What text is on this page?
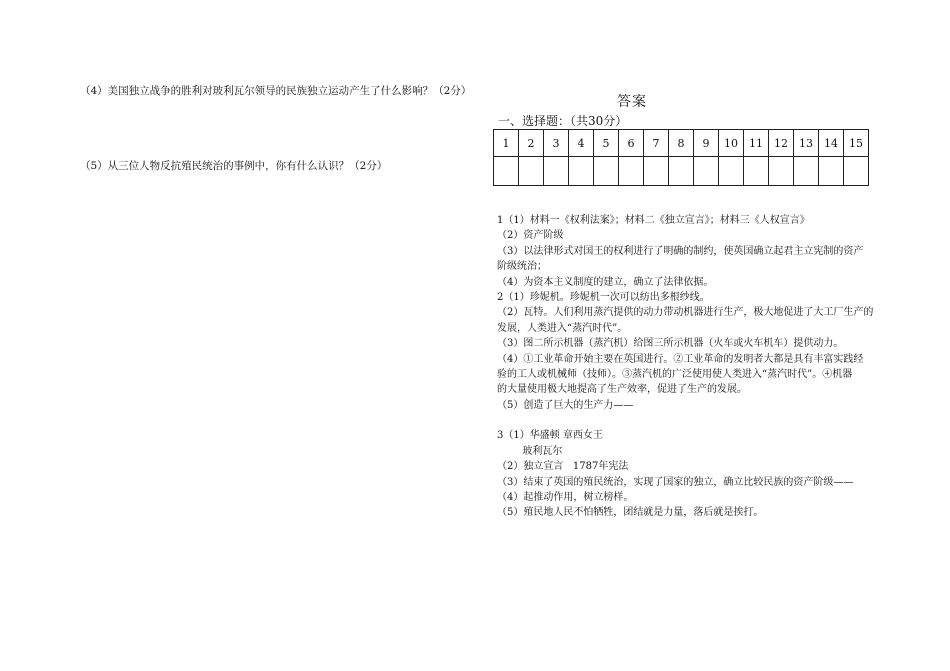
（4）美国独立战争的胜利对玻利瓦尔领导的民族独立运动产生了什么影响？（2分）
（5）从三位人物反抗殖民统治的事例中，你有什么认识？（2分）
答案
一、选择题：（共30分）
1	2	3	4	5	6	7	8	9	10	11	12	13	14	15

1（1）材料一《权利法案》；材料二《独立宣言》；材料三《人权宣言》
（2）资产阶级
（3）以法律形式对国王的权利进行了明确的制约，使英国确立起君主立宪制的资产
阶级统治；
（4）为资本主义制度的建立，确立了法律依据。
2（1）珍妮机。珍妮机一次可以纺出多根纱线。
（2）瓦特。人们利用蒸汽提供的动力带动机器进行生产，极大地促进了大工厂生产的
发展，人类进入“蒸汽时代”。
（3）图二所示机器（蒸汽机）给图三所示机器（火车或火车机车）提供动力。
（4）①工业革命开始主要在英国进行。②工业革命的发明者大都是具有丰富实践经
验的工人或机械师（技师）。③蒸汽机的广泛使用使人类进入“蒸汽时代”。④机器
的大量使用极大地提高了生产效率，促进了生产的发展。
（5）创造了巨大的生产力——
3（1）华盛顿 章西女王
玻利瓦尔
（2）独立宣言   1787年宪法
（3）结束了英国的殖民统治，实现了国家的独立，确立比较民族的资产阶级——
（4）起推动作用，树立榜样。
（5）殖民地人民不怕牺牲，团结就是力量，落后就是挨打。
